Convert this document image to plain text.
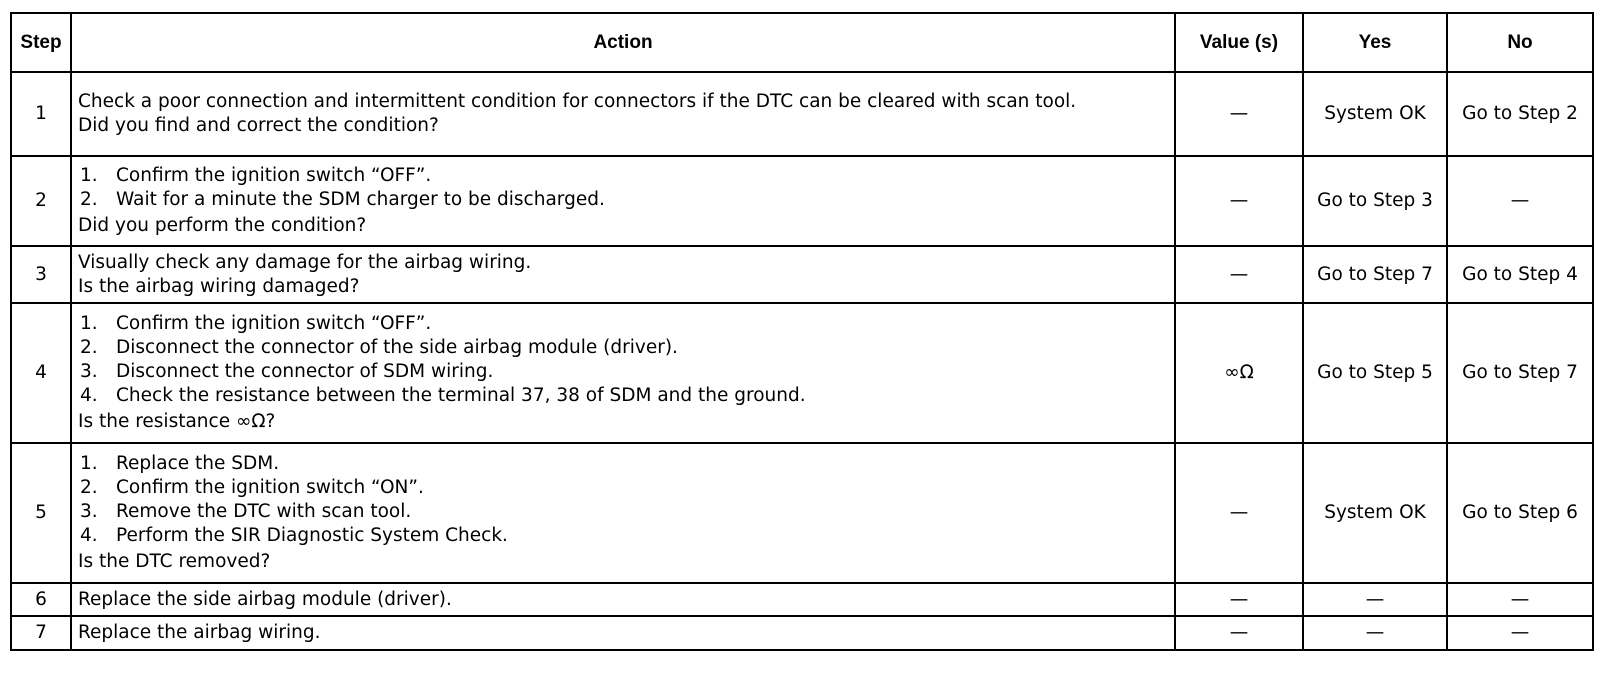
Step	Action	Value (s)	Yes	No
1	Check a poor connection and intermittent condition for connectors if the DTC can be cleared with scan tool.
Did you find and correct the condition?	—	System OK	Go to Step 2
2	1. Confirm the ignition switch “OFF”.
2. Wait for a minute the SDM charger to be discharged.
Did you perform the condition?	—	Go to Step 3	—
3	Visually check any damage for the airbag wiring.
Is the airbag wiring damaged?	—	Go to Step 7	Go to Step 4
4	1. Confirm the ignition switch “OFF”.
2. Disconnect the connector of the side airbag module (driver).
3. Disconnect the connector of SDM wiring.
4. Check the resistance between the terminal 37, 38 of SDM and the ground.
Is the resistance ∞Ω?	∞Ω	Go to Step 5	Go to Step 7
5	1. Replace the SDM.
2. Confirm the ignition switch “ON”.
3. Remove the DTC with scan tool.
4. Perform the SIR Diagnostic System Check.
Is the DTC removed?	—	System OK	Go to Step 6
6	Replace the side airbag module (driver).	—	—	—
7	Replace the airbag wiring.	—	—	—
